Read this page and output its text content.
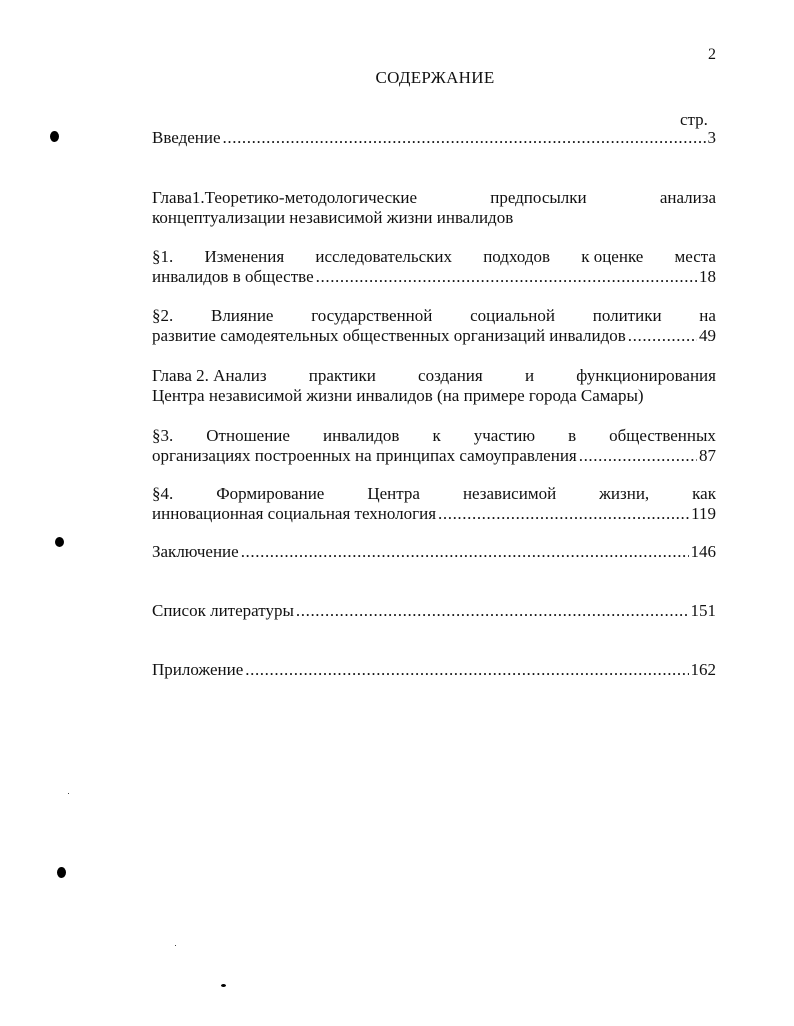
2
СОДЕРЖАНИЕ
стр.
Введение .....	3
Глава1.Теоретико-методологические	предпосылки	анализа
концептуализации независимой жизни инвалидов
§1. Изменения исследовательских подходов к оценке места
инвалидов в обществе .....	18
§2. Влияние государственной социальной политики на
развитие самодеятельных общественных организаций инвалидов .....	49
Глава 2. Анализ практики создания и функционирования
Центра независимой жизни инвалидов (на примере города Самары)
§3. Отношение инвалидов к участию в общественных
организациях построенных на принципах самоуправления .....	87
§4.	Формирование	Центра	независимой	жизни,	как
инновационная социальная технология .....	119
Заключение .....	146
Список литературы .....	151
Приложение .....	162
